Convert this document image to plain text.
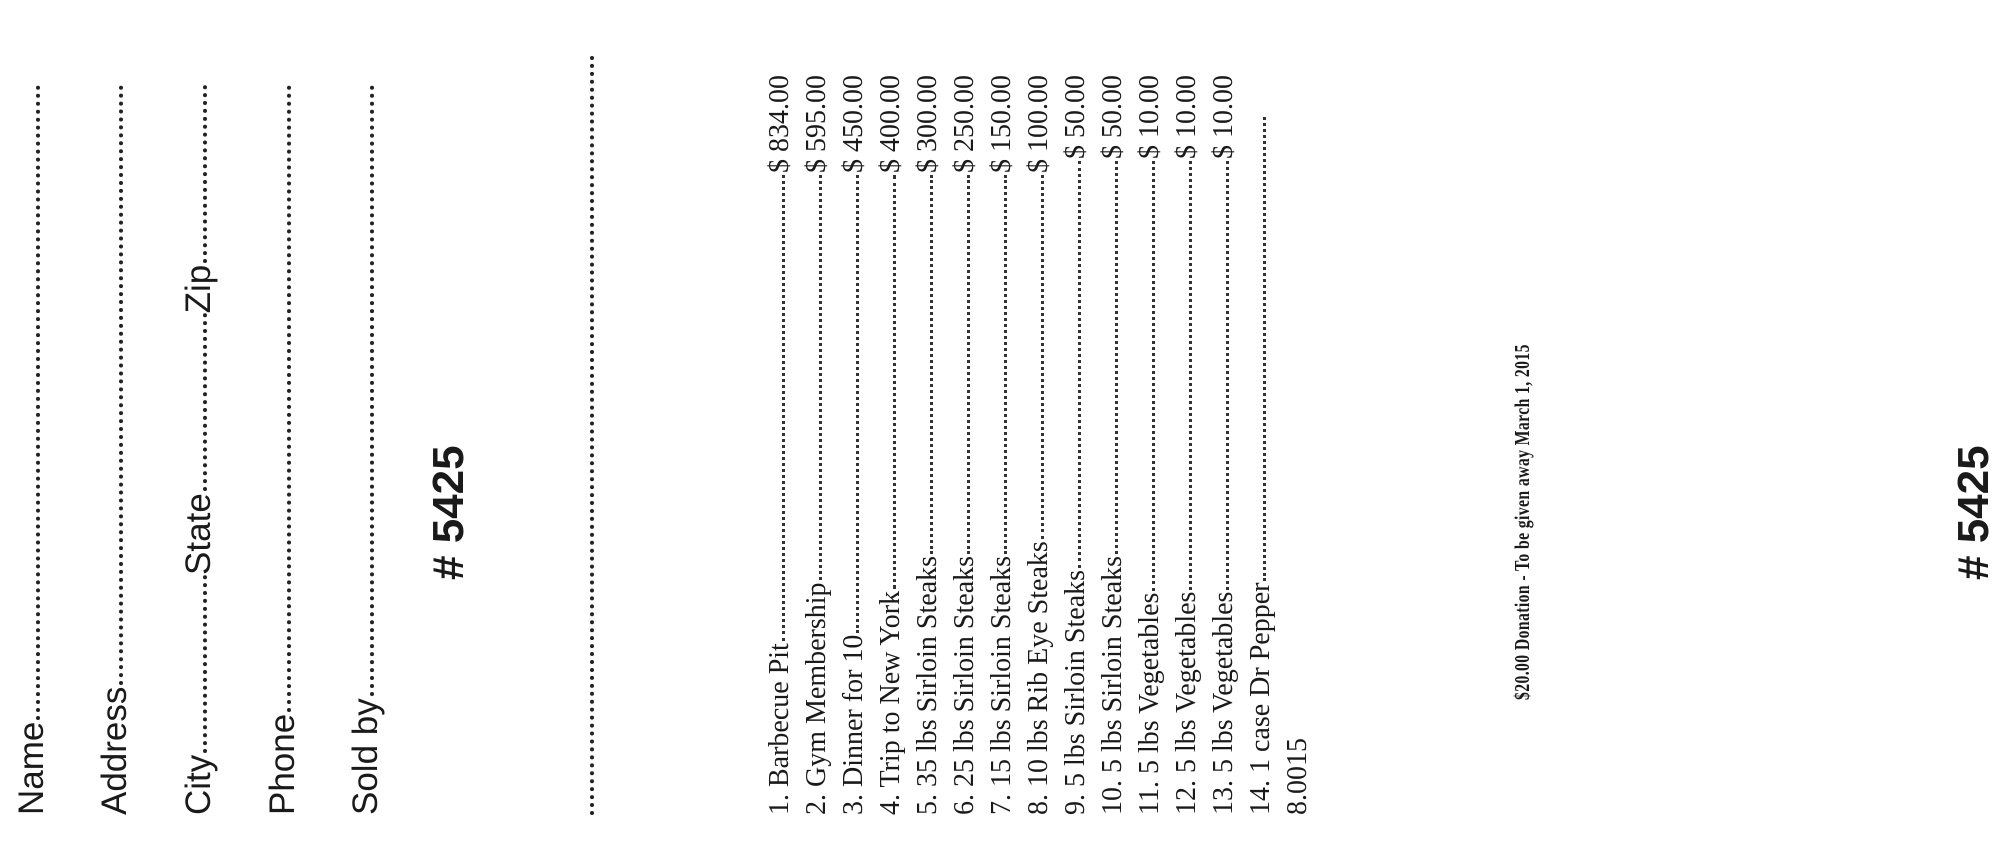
Name Address City
State
Zip
Phone Sold by
# 5425
1. Barbecue Pit
$ 834.00
2. Gym Membership
$ 595.00
3. Dinner for 10
$ 450.00
4. Trip to New York
$ 400.00
5. 35 lbs Sirloin Steaks
$ 300.00
6. 25 lbs Sirloin Steaks
$ 250.00
7. 15 lbs Sirloin Steaks
$ 150.00
8. 10 lbs Rib Eye Steaks
$ 100.00
9. 5 lbs Sirloin Steaks
$ 50.00
10. 5 lbs Sirloin Steaks
$ 50.00
11. 5 lbs Vegetables
$ 10.00
12. 5 lbs Vegetables
$ 10.00
13. 5 lbs Vegetables
$ 10.00
14. 1 case Dr Pepper 8.0015
$20.00 Donation - To be given away March 1, 2015	# 5425
